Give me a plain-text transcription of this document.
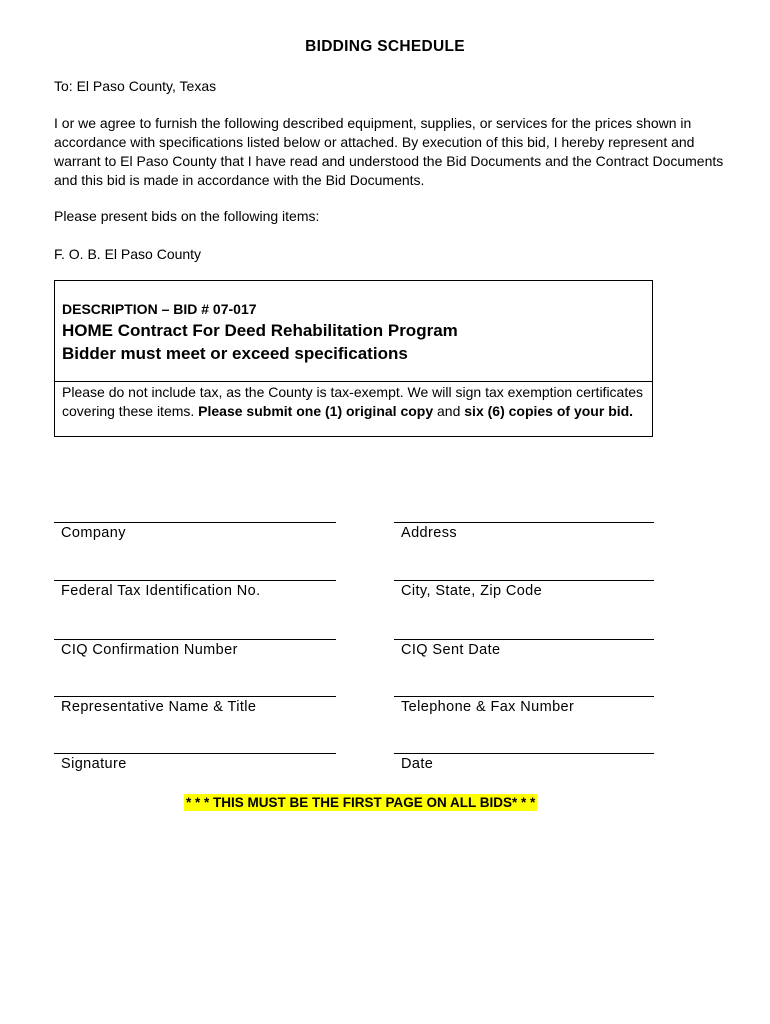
BIDDING SCHEDULE
To: El Paso County, Texas
I or we agree to furnish the following described equipment, supplies, or services for the prices shown in accordance with specifications listed below or attached. By execution of this bid, I hereby represent and warrant to El Paso County that I have read and understood the Bid Documents and the Contract Documents and this bid is made in accordance with the Bid Documents.
Please present bids on the following items:
F. O. B. El Paso County
DESCRIPTION – BID # 07-017
HOME Contract For Deed Rehabilitation Program
Bidder must meet or exceed specifications
Please do not include tax, as the County is tax-exempt. We will sign tax exemption certificates covering these items. Please submit one (1) original copy and six (6) copies of your bid.
Company	Address
Federal Tax Identification No.	City, State, Zip Code
CIQ Confirmation Number	CIQ Sent Date
Representative Name & Title	Telephone & Fax Number
Signature	Date
* * * THIS MUST BE THE FIRST PAGE ON ALL BIDS* * *
